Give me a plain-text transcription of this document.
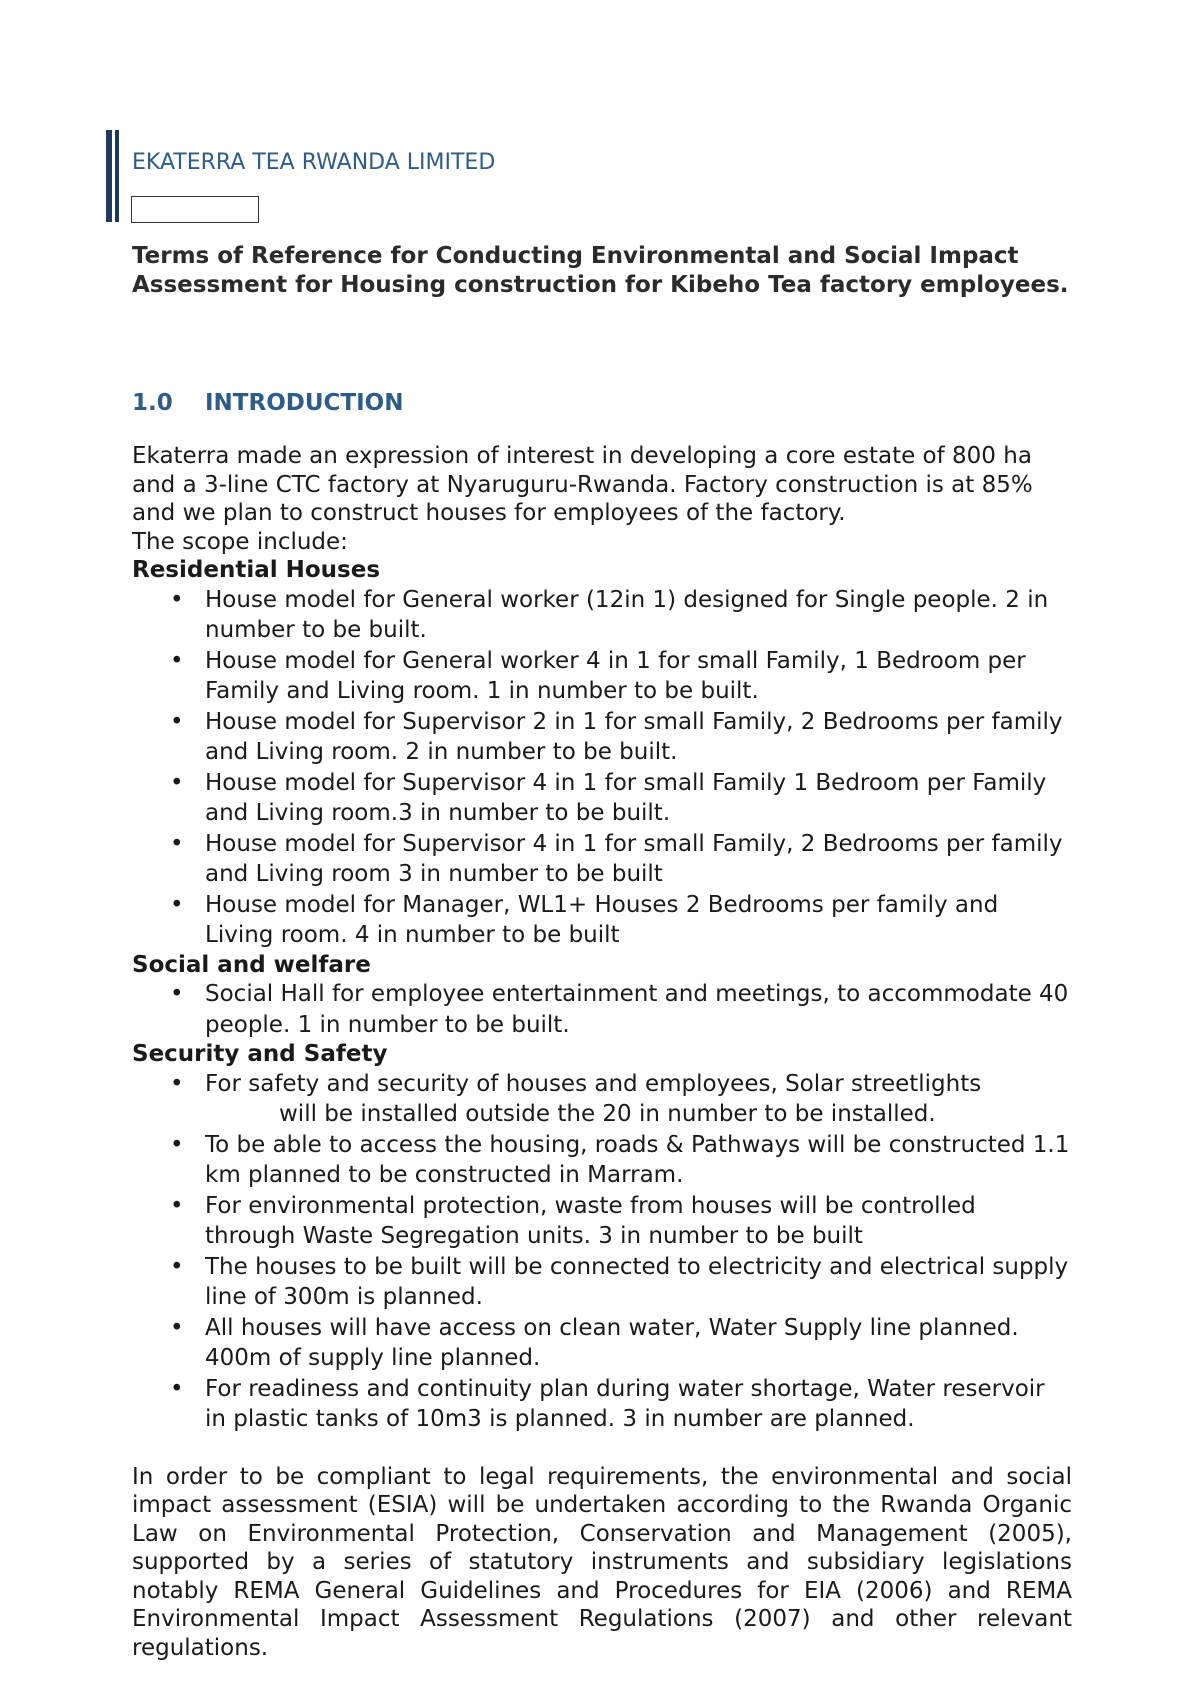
EKATERRA TEA RWANDA LIMITED
Terms of Reference for Conducting Environmental and Social Impact Assessment for Housing construction for Kibeho Tea factory employees.
1.0 INTRODUCTION

Ekaterra made an expression of interest in developing a core estate of 800 ha and a 3-line CTC factory at Nyaruguru-Rwanda. Factory construction is at 85% and we plan to construct houses for employees of the factory.

The scope include:

Residential Houses

• House model for General worker (12in 1) designed for Single people. 2 in number to be built.
• House model for General worker 4 in 1 for small Family, 1 Bedroom per Family and Living room. 1 in number to be built.
• House model for Supervisor 2 in 1 for small Family, 2 Bedrooms per family and Living room. 2 in number to be built.
• House model for Supervisor 4 in 1 for small Family 1 Bedroom per Family and Living room.3 in number to be built.
• House model for Supervisor 4 in 1 for small Family, 2 Bedrooms per family and Living room 3 in number to be built
• House model for Manager, WL1+ Houses 2 Bedrooms per family and Living room. 4 in number to be built

Social and welfare

• Social Hall for employee entertainment and meetings, to accommodate 40 people. 1 in number to be built.

Security and Safety

• For safety and security of houses and employees, Solar streetlights
will be installed outside the 20 in number to be installed.
• To be able to access the housing, roads & Pathways will be constructed 1.1 km planned to be constructed in Marram.
• For environmental protection, waste from houses will be controlled through Waste Segregation units. 3 in number to be built
• The houses to be built will be connected to electricity and electrical supply line of 300m is planned.
• All houses will have access on clean water, Water Supply line planned. 400m of supply line planned.
• For readiness and continuity plan during water shortage, Water reservoir in plastic tanks of 10m3 is planned. 3 in number are planned.

In order to be compliant to legal requirements, the environmental and social impact assessment (ESIA) will be undertaken according to the Rwanda Organic Law on Environmental Protection, Conservation and Management (2005), supported by a series of statutory instruments and subsidiary legislations notably REMA General Guidelines and Procedures for EIA (2006) and REMA Environmental Impact Assessment Regulations (2007) and other relevant regulations.
